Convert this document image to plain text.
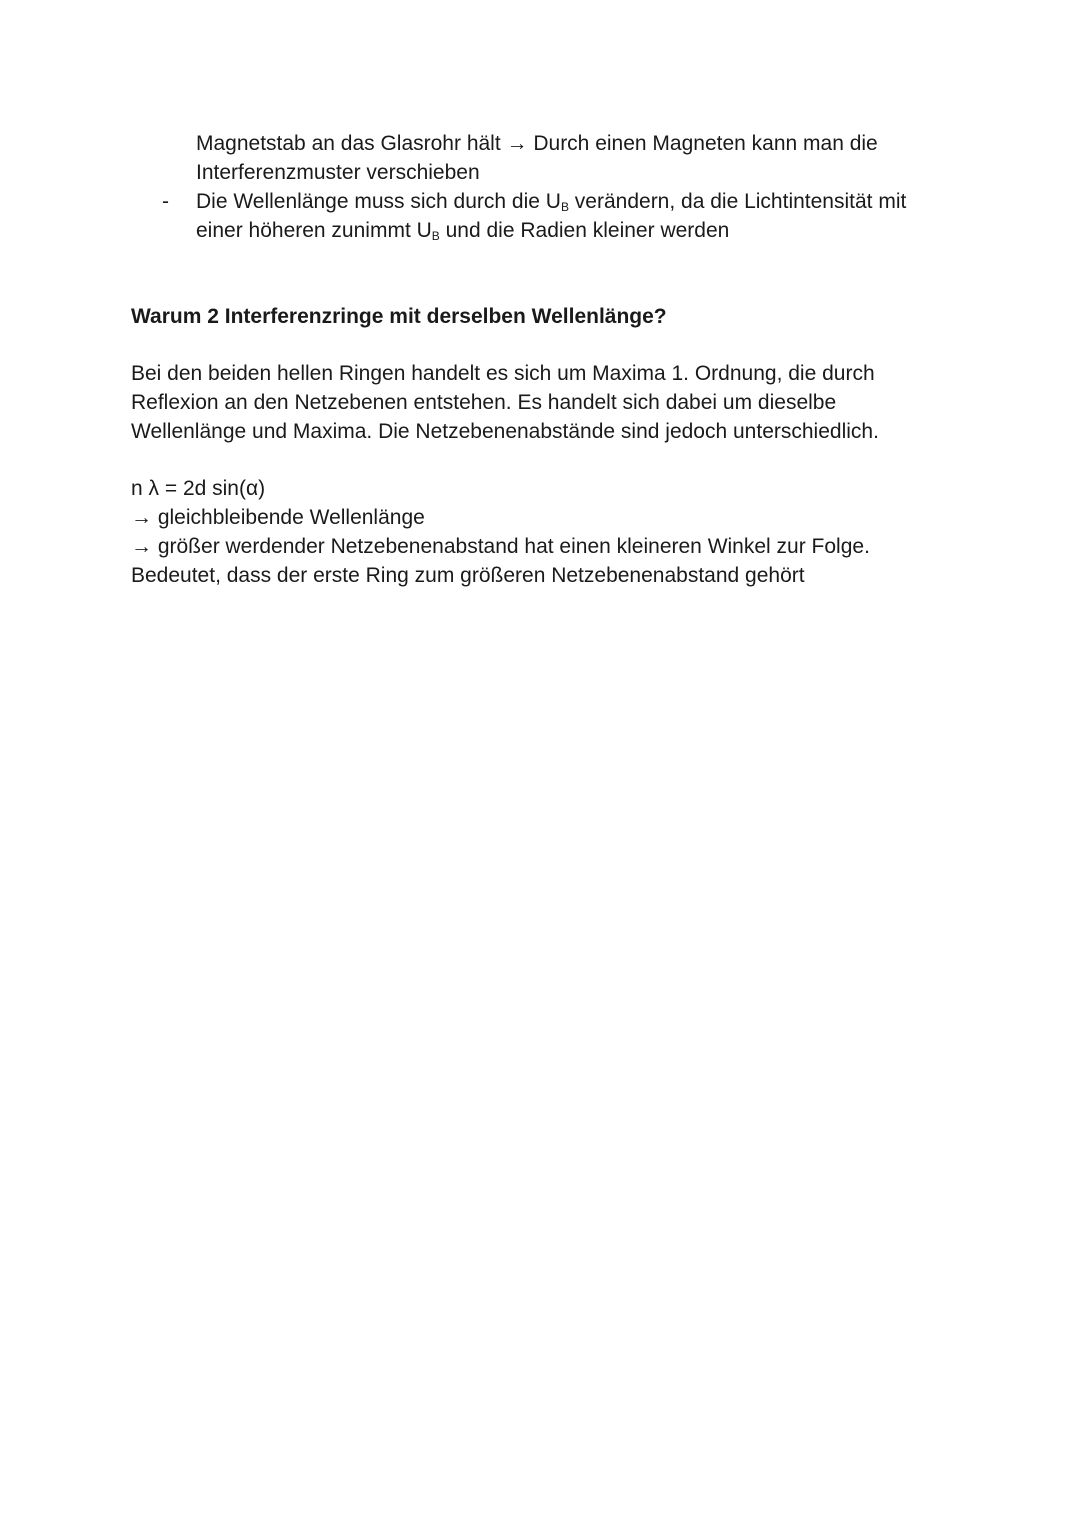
Magnetstab an das Glasrohr hält → Durch einen Magneten kann man die
Interferenzmuster verschieben
- Die Wellenlänge muss sich durch die $U_B$ verändern, da die Lichtintensität mit
einer höheren zunimmt $U_B$ und die Radien kleiner werden
Warum 2 Interferenzringe mit derselben Wellenlänge?
Bei den beiden hellen Ringen handelt es sich um Maxima 1. Ordnung, die durch
Reflexion an den Netzebenen entstehen. Es handelt sich dabei um dieselbe
Wellenlänge und Maxima. Die Netzebenenabstände sind jedoch unterschiedlich.
n λ = 2d sin(α)
→ gleichbleibende Wellenlänge
→ größer werdender Netzebenenabstand hat einen kleineren Winkel zur Folge.
Bedeutet, dass der erste Ring zum größeren Netzebenenabstand gehört
